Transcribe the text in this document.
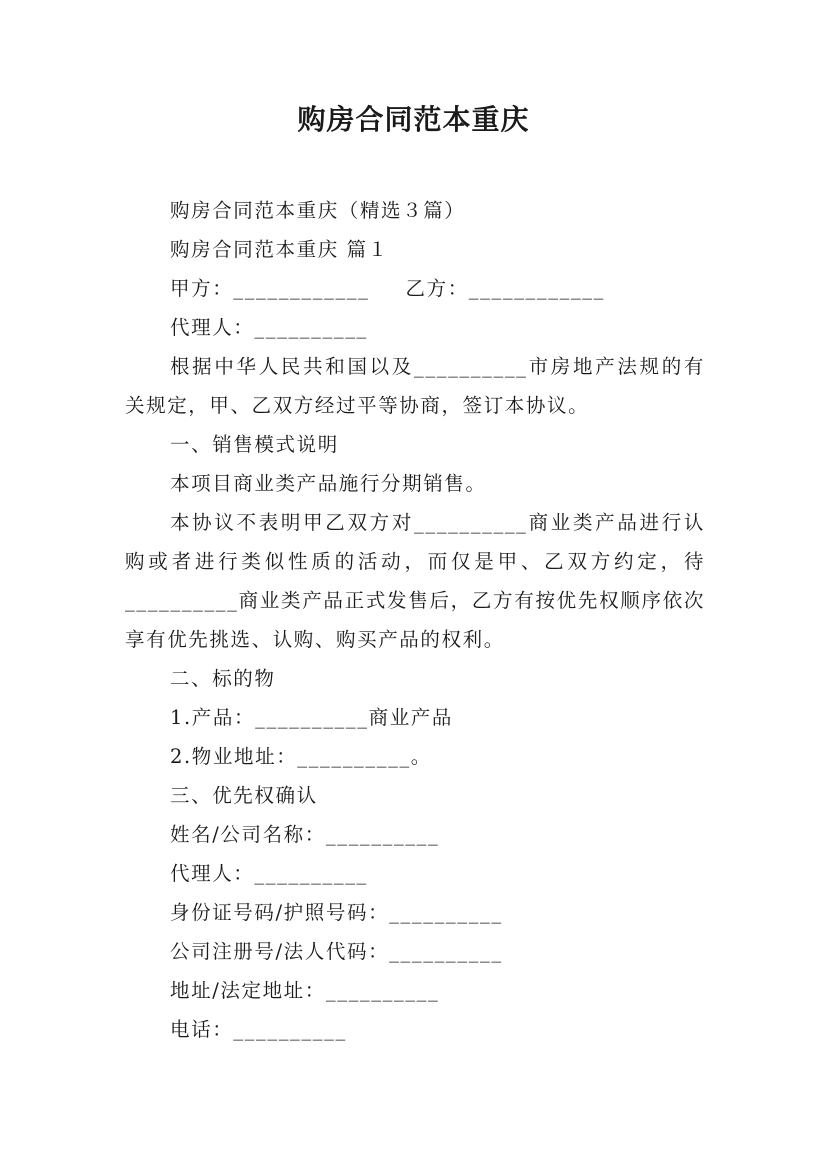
购房合同范本重庆
购房合同范本重庆（精选３篇）
购房合同范本重庆 篇１
甲方：____________ 乙方：____________
代理人：__________
根据中华人民共和国以及__________市房地产法规的有关规定，甲、乙双方经过平等协商，签订本协议。
一、销售模式说明
本项目商业类产品施行分期销售。
本协议不表明甲乙双方对__________商业类产品进行认购或者进行类似性质的活动，而仅是甲、乙双方约定，待__________商业类产品正式发售后，乙方有按优先权顺序依次享有优先挑选、认购、购买产品的权利。
二、标的物
1.产品：__________商业产品
2.物业地址：__________。
三、优先权确认
姓名/公司名称：__________
代理人：__________
身份证号码/护照号码：__________
公司注册号/法人代码：__________
地址/法定地址：__________
电话：__________
